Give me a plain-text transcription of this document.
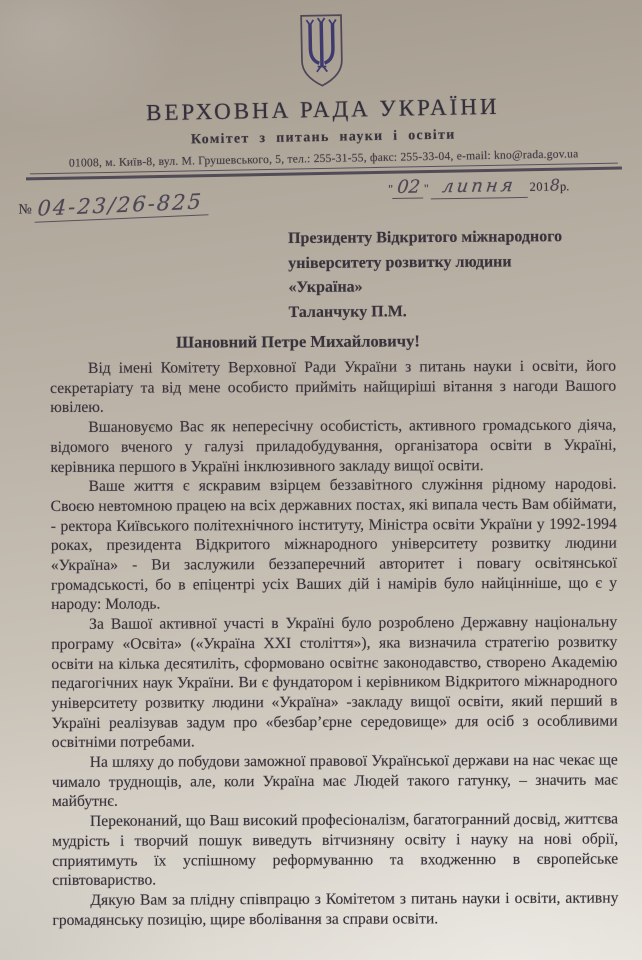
ВЕРХОВНА РАДА УКРАЇНИ
Комітет з питань науки і освіти
01008, м. Київ-8, вул. М. Грушевського, 5, тел.: 255-31-55, факс: 255-33-04, e-mail: kno@rada.gov.ua
№ 04-23/26-825
" 02 " липня 2018р.
Президенту Відкритого міжнародного
університету розвитку людини
«Україна»
Таланчуку П.М.
Шановний Петре Михайловичу!

Від імені Комітету Верховної Ради України з питань науки і освіти, його секретаріату та від мене особисто прийміть найщиріші вітання з нагоди Вашого ювілею.

Вшановуємо Вас як непересічну особистість, активного громадського діяча, відомого вченого у галузі приладобудування, організатора освіти в Україні, керівника першого в Україні інклюзивного закладу вищої освіти.

Ваше життя є яскравим взірцем беззавітного служіння рідному народові. Своєю невтомною працею на всіх державних постах, які випала честь Вам обіймати, - ректора Київського політехнічного інституту, Міністра освіти України у 1992-1994 роках, президента Відкритого міжнародного університету розвитку людини «Україна» - Ви заслужили беззаперечний авторитет і повагу освітянської громадськості, бо в епіцентрі усіх Ваших дій і намірів було найцінніше, що є у народу: Молодь.

За Вашої активної участі в Україні було розроблено Державну національну програму «Освіта» («Україна XXI століття»), яка визначила стратегію розвитку освіти на кілька десятиліть, сформовано освітнє законодавство, створено Академію педагогічних наук України. Ви є фундатором і керівником Відкритого міжнародного університету розвитку людини «Україна» -закладу вищої освіти, який перший в Україні реалізував задум про «безбар’єрне середовище» для осіб з особливими освітніми потребами.

На шляху до побудови заможної правової Української держави на нас чекає ще чимало труднощів, але, коли Україна має Людей такого гатунку, – значить має майбутнє.

Переконаний, що Ваш високий професіоналізм, багатогранний досвід, життєва мудрість і творчий пошук виведуть вітчизняну освіту і науку на нові обрії, сприятимуть їх успішному реформуванню та входженню в європейське співтовариство.

Дякую Вам за плідну співпрацю з Комітетом з питань науки і освіти, активну громадянську позицію, щире вболівання за справи освіти.
